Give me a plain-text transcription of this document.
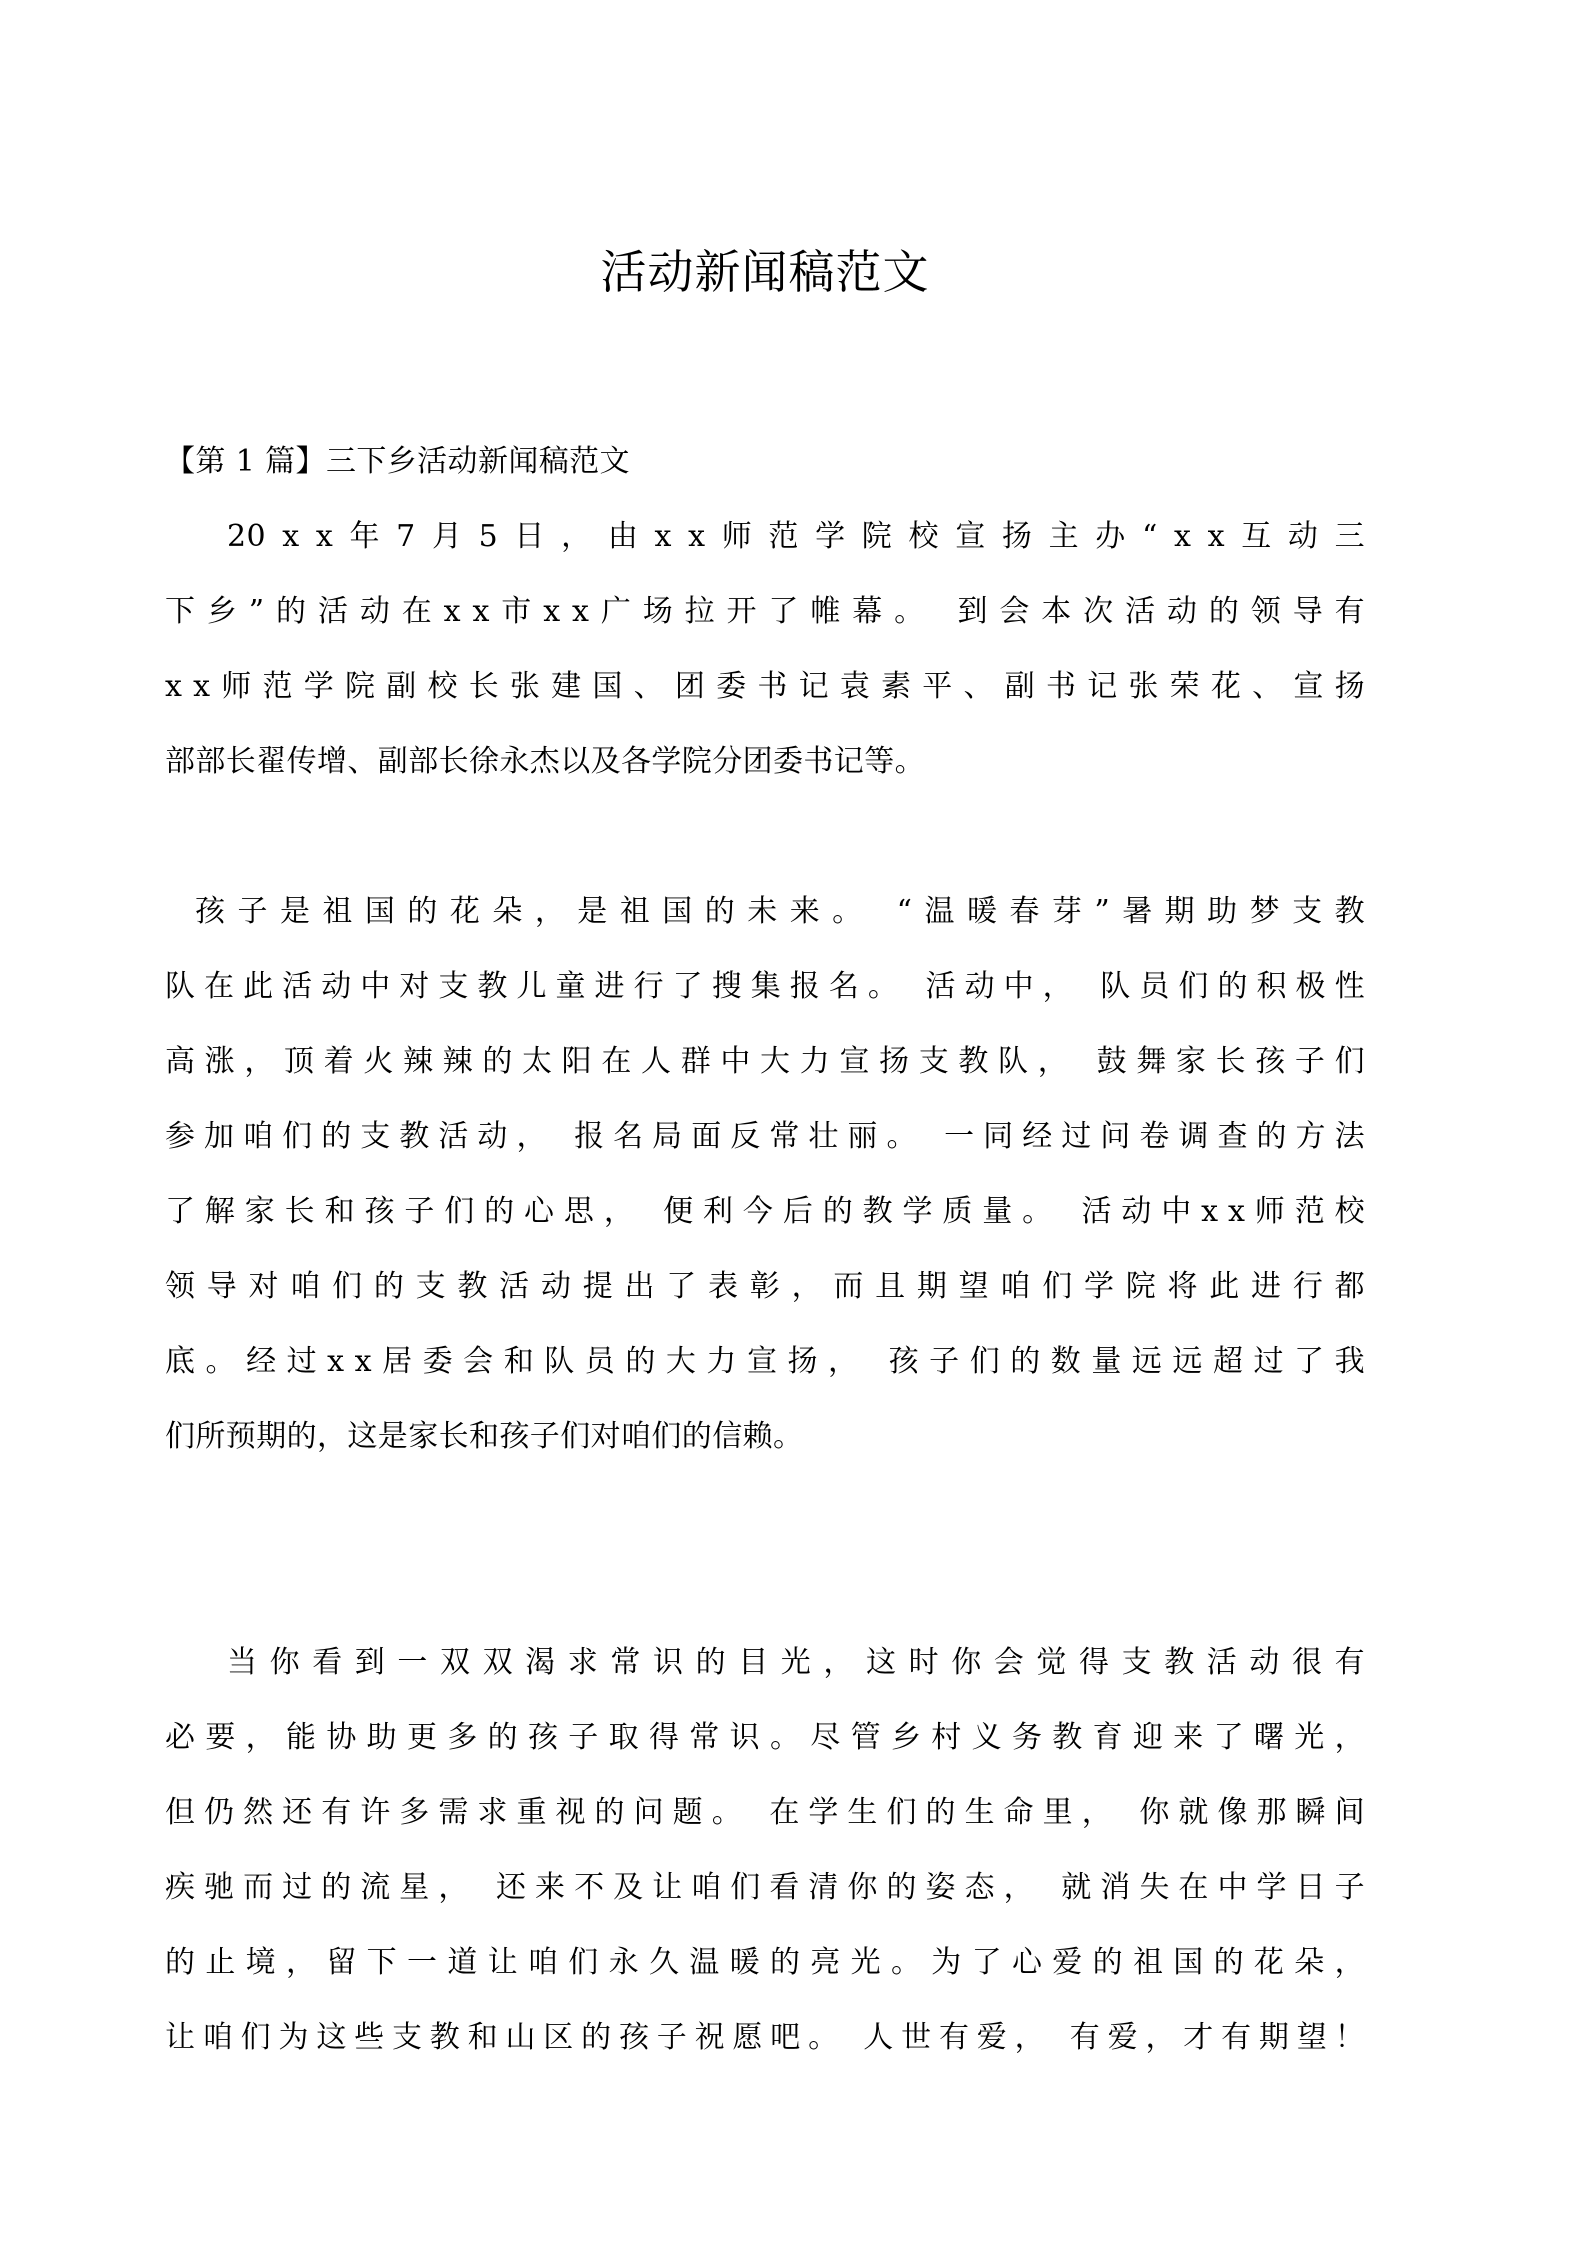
活动新闻稿范文
【第 1 篇】三下乡活动新闻稿范文
20ⅹⅹ年7月5日，由ⅹⅹ师范学院校宣扬主办“ⅹⅹ互动三
下乡”的活动在ⅹⅹ市ⅹⅹ广场拉开了帷幕。 到会本次活动的领导有
ⅹⅹ师范学院副校长张建国、团委书记袁素平、副书记张荣花、宣扬
部部长翟传增、副部长徐永杰以及各学院分团委书记等。
孩子是祖国的花朵，是祖国的未来。 “温暖春芽”暑期助梦支教
队在此活动中对支教儿童进行了搜集报名。 活动中， 队员们的积极性
高涨，顶着火辣辣的太阳在人群中大力宣扬支教队， 鼓舞家长孩子们
参加咱们的支教活动， 报名局面反常壮丽。 一同经过问卷调查的方法
了解家长和孩子们的心思， 便利今后的教学质量。 活动中ⅹⅹ师范校
领导对咱们的支教活动提出了表彰，而且期望咱们学院将此进行都
底。经过ⅹⅹ居委会和队员的大力宣扬， 孩子们的数量远远超过了我
们所预期的，这是家长和孩子们对咱们的信赖。
当你看到一双双渴求常识的目光，这时你会觉得支教活动很有
必要，能协助更多的孩子取得常识。尽管乡村义务教育迎来了曙光，
但仍然还有许多需求重视的问题。 在学生们的生命里， 你就像那瞬间
疾驰而过的流星， 还来不及让咱们看清你的姿态， 就消失在中学日子
的止境，留下一道让咱们永久温暖的亮光。为了心爱的祖国的花朵，
让咱们为这些支教和山区的孩子祝愿吧。 人世有爱， 有爱，才有期望！
